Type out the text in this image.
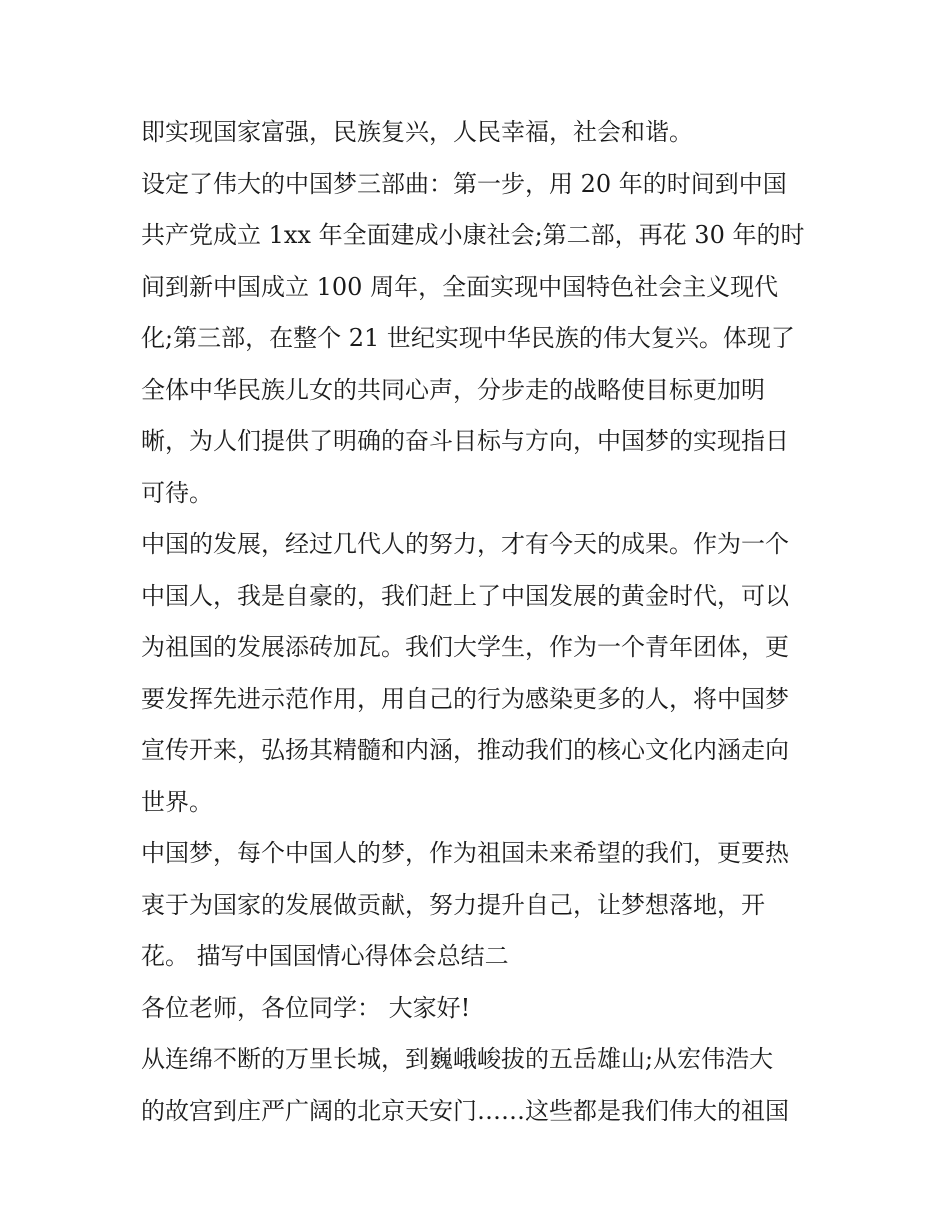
即实现国家富强，民族复兴，人民幸福，社会和谐。
设定了伟大的中国梦三部曲：第一步，用 20 年的时间到中国
共产党成立 1xx 年全面建成小康社会;第二部，再花 30 年的时
间到新中国成立 100 周年，全面实现中国特色社会主义现代
化;第三部，在整个 21 世纪实现中华民族的伟大复兴。体现了
全体中华民族儿女的共同心声，分步走的战略使目标更加明
晰，为人们提供了明确的奋斗目标与方向，中国梦的实现指日
可待。
中国的发展，经过几代人的努力，才有今天的成果。作为一个
中国人，我是自豪的，我们赶上了中国发展的黄金时代，可以
为祖国的发展添砖加瓦。我们大学生，作为一个青年团体，更
要发挥先进示范作用，用自己的行为感染更多的人，将中国梦
宣传开来，弘扬其精髓和内涵，推动我们的核心文化内涵走向
世界。
中国梦，每个中国人的梦，作为祖国未来希望的我们，更要热
衷于为国家的发展做贡献，努力提升自己，让梦想落地，开
花。 描写中国国情心得体会总结二
各位老师，各位同学： 大家好!
从连绵不断的万里长城，到巍峨峻拔的五岳雄山;从宏伟浩大
的故宫到庄严广阔的北京天安门……这些都是我们伟大的祖国
